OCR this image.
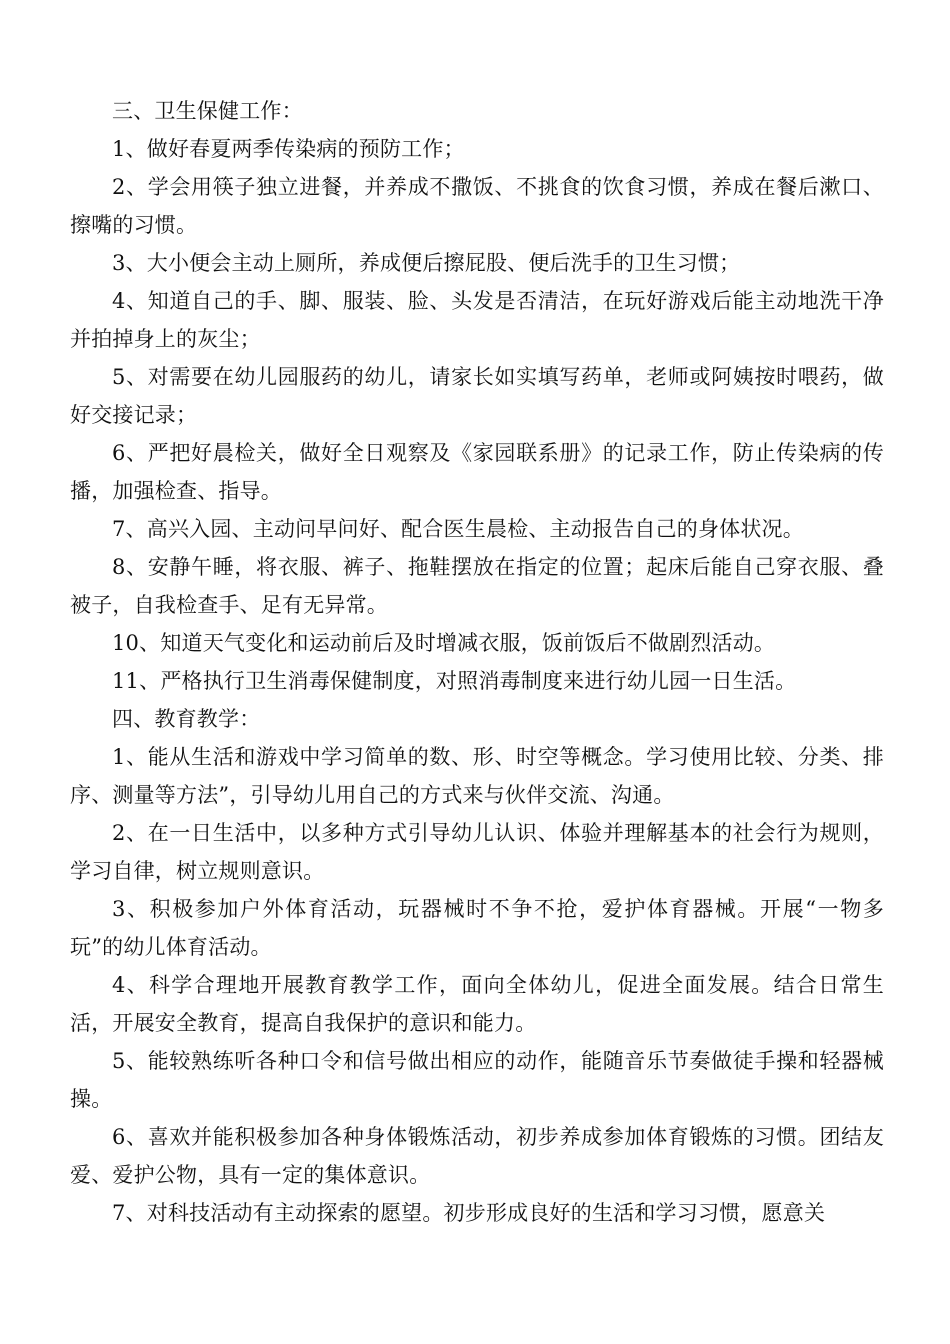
三、卫生保健工作：

1、做好春夏两季传染病的预防工作；

2、学会用筷子独立进餐，并养成不撒饭、不挑食的饮食习惯，养成在餐后漱口、擦嘴的习惯。

3、大小便会主动上厕所，养成便后擦屁股、便后洗手的卫生习惯；

4、知道自己的手、脚、服装、脸、头发是否清洁，在玩好游戏后能主动地洗干净并拍掉身上的灰尘；

5、对需要在幼儿园服药的幼儿，请家长如实填写药单，老师或阿姨按时喂药，做好交接记录；

6、严把好晨检关，做好全日观察及《家园联系册》的记录工作，防止传染病的传播，加强检查、指导。

7、高兴入园、主动问早问好、配合医生晨检、主动报告自己的身体状况。

8、安静午睡，将衣服、裤子、拖鞋摆放在指定的位置；起床后能自己穿衣服、叠被子，自我检查手、足有无异常。

10、知道天气变化和运动前后及时增减衣服，饭前饭后不做剧烈活动。

11、严格执行卫生消毒保健制度，对照消毒制度来进行幼儿园一日生活。

四、教育教学：

1、能从生活和游戏中学习简单的数、形、时空等概念。学习使用比较、分类、排序、测量等方法”，引导幼儿用自己的方式来与伙伴交流、沟通。

2、在一日生活中，以多种方式引导幼儿认识、体验并理解基本的社会行为规则，学习自律，树立规则意识。

3、积极参加户外体育活动，玩器械时不争不抢，爱护体育器械。开展“一物多玩”的幼儿体育活动。

4、科学合理地开展教育教学工作，面向全体幼儿，促进全面发展。结合日常生活，开展安全教育，提高自我保护的意识和能力。

5、能较熟练听各种口令和信号做出相应的动作，能随音乐节奏做徒手操和轻器械操。

6、喜欢并能积极参加各种身体锻炼活动，初步养成参加体育锻炼的习惯。团结友爱、爱护公物，具有一定的集体意识。

7、对科技活动有主动探索的愿望。初步形成良好的生活和学习习惯，愿意关
